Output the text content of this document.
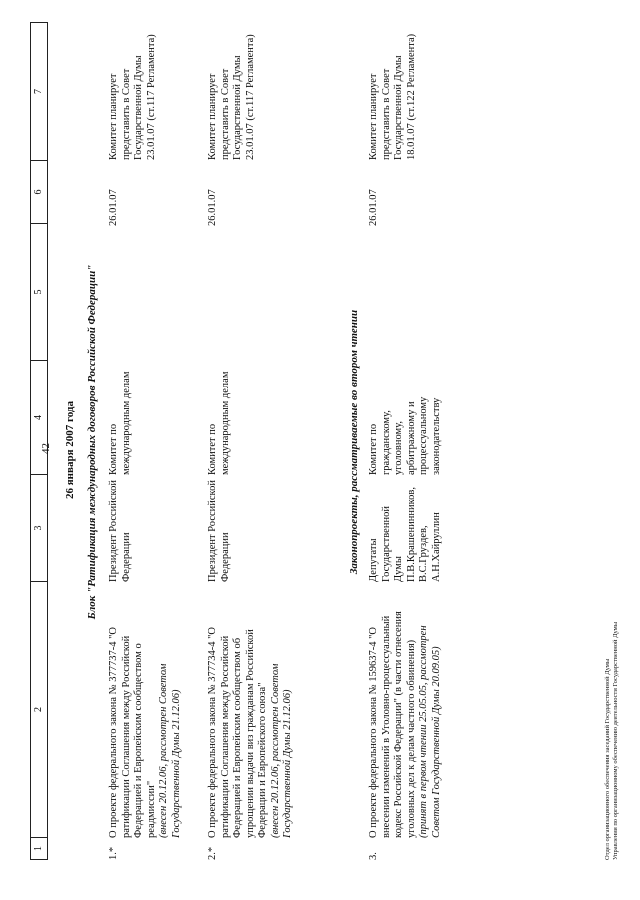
1
2
3
4
5
6
7
42 26 января 2007 года Блок "Ратификация международных договоров Российской Федерации"
1.*
О проекте федерального закона № 377737-4 "О ратификации Соглашения между Российской Федерацией и Европейским сообществом о реадмиссии" (внесен 20.12.06, рассмотрен Советом Государственной Думы 21.12.06)
Президент Российской Федерации
Комитет по международным делам
26.01.07
Комитет планирует представить в Совет Государственной Думы 23.01.07 (ст.117 Регламента)
2.*
О проекте федерального закона № 377734-4 "О ратификации Соглашения между Российской Федерацией и Европейским сообществом об упрощении выдачи виз гражданам Российской Федерации и Европейского союза" (внесен 20.12.06, рассмотрен Советом Государственной Думы 21.12.06)
Президент Российской Федерации
Комитет по международным делам
26.01.07
Комитет планирует представить в Совет Государственной Думы 23.01.07 (ст.117 Регламента)
Законопроекты, рассматриваемые во втором чтении
3.
О проекте федерального закона № 159637-4 "О внесении изменений в Уголовно-процессуальный кодекс Российской Федерации" (в части отнесения уголовных дел к делам частного обвинения) (принят в первом чтении 25.05.05, рассмотрен Советом Государственной Думы 20.09.05)
Депутаты Государственной Думы П.В.Крашенинников, В.С.Груздев, А.Н.Хайруллин
Комитет по гражданскому, уголовному, арбитражному и процессуальному законодательству
26.01.07
Комитет планирует представить в Совет Государственной Думы 18.01.07 (ст.122 Регламента)
Отдел организационного обеспечения заседаний Государственной Думы Управления по организационному обеспечению деятельности Государственной Думы
